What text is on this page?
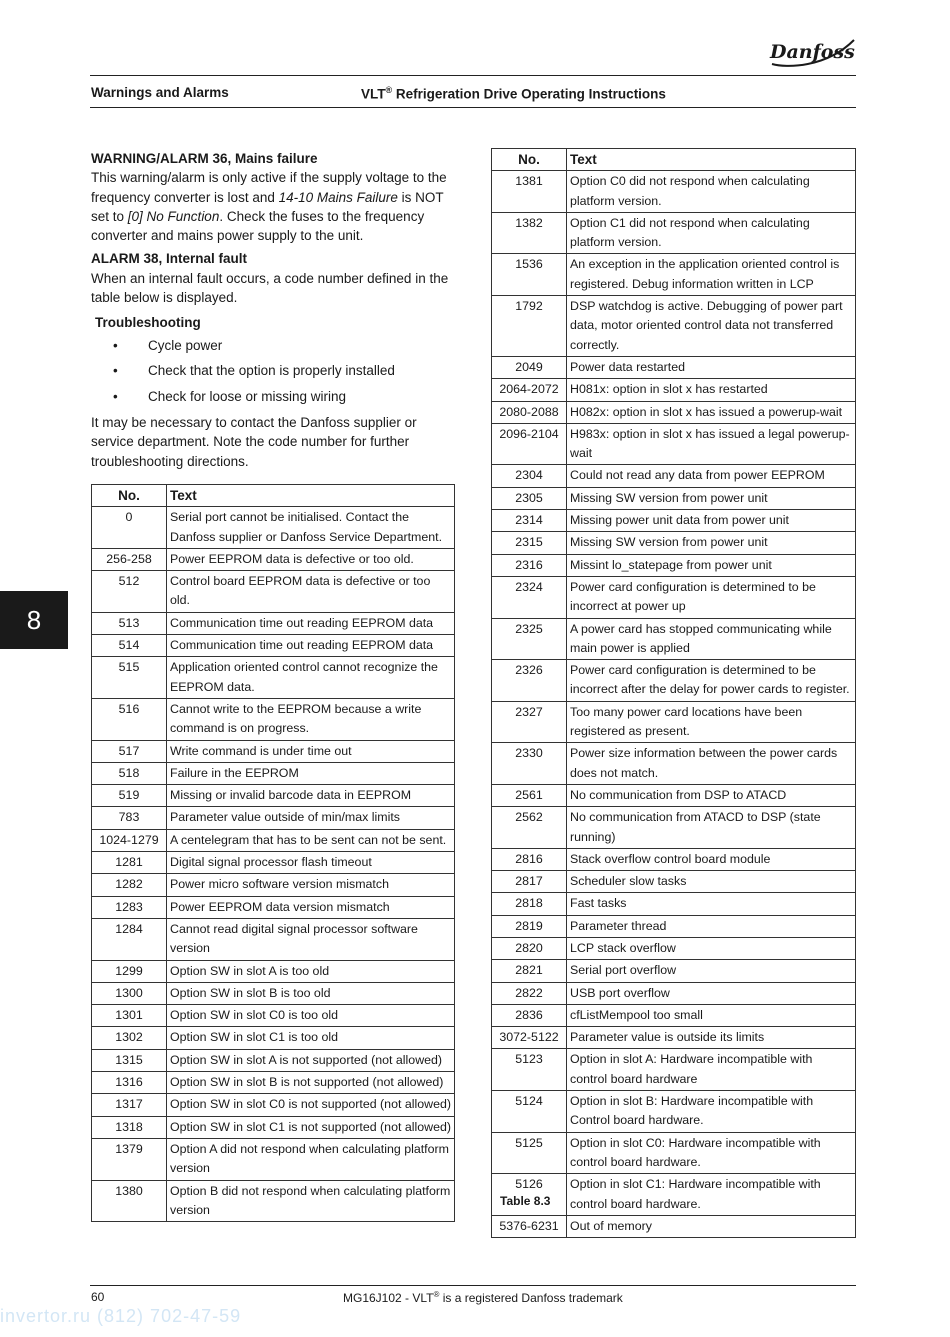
Danfoss
Warnings and Alarms	VLT® Refrigeration Drive Operating Instructions
8
WARNING/ALARM 36, Mains failure

This warning/alarm is only active if the supply voltage to the frequency converter is lost and 14-10 Mains Failure is NOT set to [0] No Function. Check the fuses to the frequency converter and mains power supply to the unit.

ALARM 38, Internal fault

When an internal fault occurs, a code number defined in the table below is displayed.

Troubleshooting
• Cycle power
• Check that the option is properly installed
• Check for loose or missing wiring

It may be necessary to contact the Danfoss supplier or service department. Note the code number for further troubleshooting directions.

No.	Text
0	Serial port cannot be initialised. Contact the Danfoss supplier or Danfoss Service Department.
256-258	Power EEPROM data is defective or too old.
512	Control board EEPROM data is defective or too old.
513	Communication time out reading EEPROM data
514	Communication time out reading EEPROM data
515	Application oriented control cannot recognize the EEPROM data.
516	Cannot write to the EEPROM because a write command is on progress.
517	Write command is under time out
518	Failure in the EEPROM
519	Missing or invalid barcode data in EEPROM
783	Parameter value outside of min/max limits
1024-1279	A centelegram that has to be sent can not be sent.
1281	Digital signal processor flash timeout
1282	Power micro software version mismatch
1283	Power EEPROM data version mismatch
1284	Cannot read digital signal processor software version
1299	Option SW in slot A is too old
1300	Option SW in slot B is too old
1301	Option SW in slot C0 is too old
1302	Option SW in slot C1 is too old
1315	Option SW in slot A is not supported (not allowed)
1316	Option SW in slot B is not supported (not allowed)
1317	Option SW in slot C0 is not supported (not allowed)
1318	Option SW in slot C1 is not supported (not allowed)
1379	Option A did not respond when calculating platform version
1380	Option B did not respond when calculating platform version
No.	Text
1381	Option C0 did not respond when calculating platform version.
1382	Option C1 did not respond when calculating platform version.
1536	An exception in the application oriented control is registered. Debug information written in LCP
1792	DSP watchdog is active. Debugging of power part data, motor oriented control data not transferred correctly.
2049	Power data restarted
2064-2072	H081x: option in slot x has restarted
2080-2088	H082x: option in slot x has issued a powerup-wait
2096-2104	H983x: option in slot x has issued a legal powerup-wait
2304	Could not read any data from power EEPROM
2305	Missing SW version from power unit
2314	Missing power unit data from power unit
2315	Missing SW version from power unit
2316	Missint lo_statepage from power unit
2324	Power card configuration is determined to be incorrect at power up
2325	A power card has stopped communicating while main power is applied
2326	Power card configuration is determined to be incorrect after the delay for power cards to register.
2327	Too many power card locations have been registered as present.
2330	Power size information between the power cards does not match.
2561	No communication from DSP to ATACD
2562	No communication from ATACD to DSP (state running)
2816	Stack overflow control board module
2817	Scheduler slow tasks
2818	Fast tasks
2819	Parameter thread
2820	LCP stack overflow
2821	Serial port overflow
2822	USB port overflow
2836	cfListMempool too small
3072-5122	Parameter value is outside its limits
5123	Option in slot A: Hardware incompatible with control board hardware
5124	Option in slot B: Hardware incompatible with Control board hardware.
5125	Option in slot C0: Hardware incompatible with control board hardware.
5126	Option in slot C1: Hardware incompatible with control board hardware.
5376-6231	Out of memory
Table 8.3
60	MG16J102 - VLT® is a registered Danfoss trademark
invertor.ru (812) 702-47-59
